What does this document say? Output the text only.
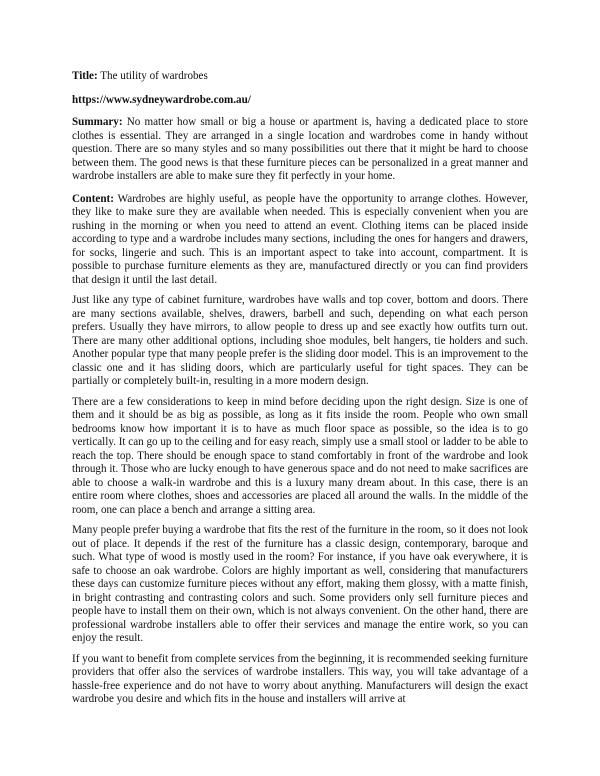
Title: The utility of wardrobes

https://www.sydneywardrobe.com.au/

Summary: No matter how small or big a house or apartment is, having a dedicated place to store clothes is essential. They are arranged in a single location and wardrobes come in handy without question. There are so many styles and so many possibilities out there that it might be hard to choose between them. The good news is that these furniture pieces can be personalized in a great manner and wardrobe installers are able to make sure they fit perfectly in your home.

Content: Wardrobes are highly useful, as people have the opportunity to arrange clothes. However, they like to make sure they are available when needed. This is especially convenient when you are rushing in the morning or when you need to attend an event. Clothing items can be placed inside according to type and a wardrobe includes many sections, including the ones for hangers and drawers, for socks, lingerie and such. This is an important aspect to take into account, compartment. It is possible to purchase furniture elements as they are, manufactured directly or you can find providers that design it until the last detail.

Just like any type of cabinet furniture, wardrobes have walls and top cover, bottom and doors. There are many sections available, shelves, drawers, barbell and such, depending on what each person prefers. Usually they have mirrors, to allow people to dress up and see exactly how outfits turn out. There are many other additional options, including shoe modules, belt hangers, tie holders and such. Another popular type that many people prefer is the sliding door model. This is an improvement to the classic one and it has sliding doors, which are particularly useful for tight spaces. They can be partially or completely built-in, resulting in a more modern design.

There are a few considerations to keep in mind before deciding upon the right design. Size is one of them and it should be as big as possible, as long as it fits inside the room. People who own small bedrooms know how important it is to have as much floor space as possible, so the idea is to go vertically. It can go up to the ceiling and for easy reach, simply use a small stool or ladder to be able to reach the top. There should be enough space to stand comfortably in front of the wardrobe and look through it. Those who are lucky enough to have generous space and do not need to make sacrifices are able to choose a walk-in wardrobe and this is a luxury many dream about. In this case, there is an entire room where clothes, shoes and accessories are placed all around the walls. In the middle of the room, one can place a bench and arrange a sitting area.

Many people prefer buying a wardrobe that fits the rest of the furniture in the room, so it does not look out of place. It depends if the rest of the furniture has a classic design, contemporary, baroque and such. What type of wood is mostly used in the room? For instance, if you have oak everywhere, it is safe to choose an oak wardrobe. Colors are highly important as well, considering that manufacturers these days can customize furniture pieces without any effort, making them glossy, with a matte finish, in bright contrasting and contrasting colors and such. Some providers only sell furniture pieces and people have to install them on their own, which is not always convenient. On the other hand, there are professional wardrobe installers able to offer their services and manage the entire work, so you can enjoy the result.

If you want to benefit from complete services from the beginning, it is recommended seeking furniture providers that offer also the services of wardrobe installers. This way, you will take advantage of a hassle-free experience and do not have to worry about anything. Manufacturers will design the exact wardrobe you desire and which fits in the house and installers will arrive at
